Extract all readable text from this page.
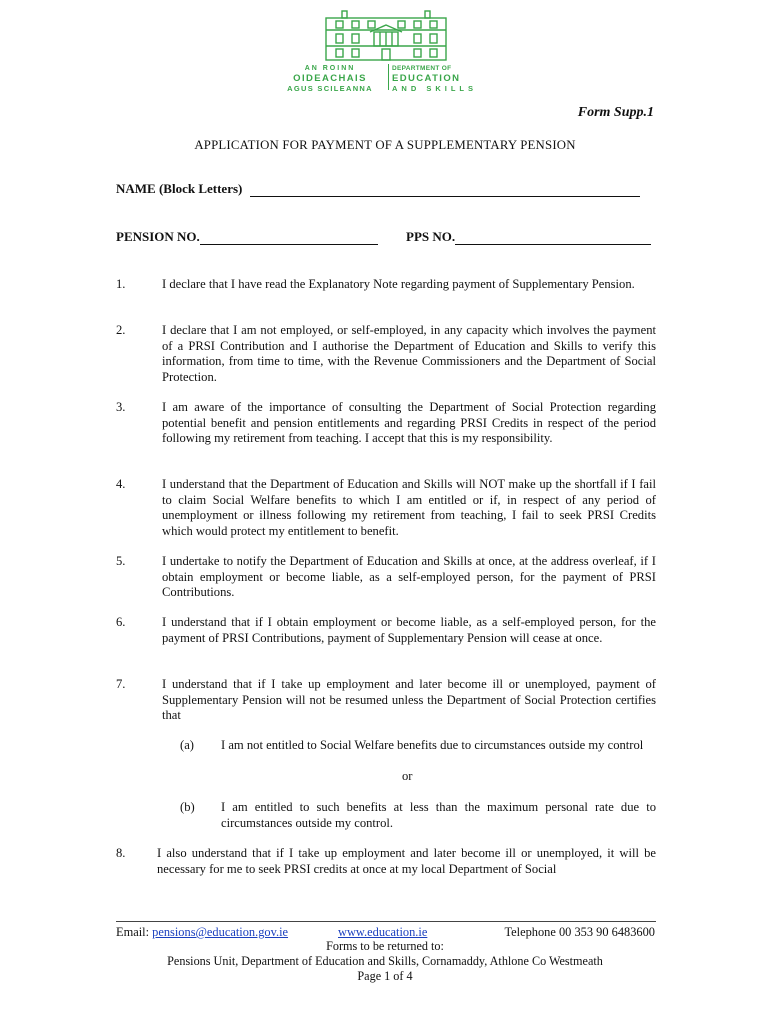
AN ROINN
OIDEACHAIS
AGUS SCILEANNA
DEPARTMENT OF
EDUCATION
AND SKILLS
Form Supp.1
APPLICATION FOR PAYMENT OF A SUPPLEMENTARY PENSION
NAME (Block Letters)
PENSION NO.	PPS NO.
1.	I declare that I have read the Explanatory Note regarding payment of Supplementary Pension.
2.	I declare that I am not employed, or self-employed, in any capacity which involves the payment of a PRSI Contribution and I authorise the Department of Education and Skills to verify this information, from time to time, with the Revenue Commissioners and the Department of Social Protection.
3.	I am aware of the importance of consulting the Department of Social Protection regarding potential benefit and pension entitlements and regarding PRSI Credits in respect of the period following my retirement from teaching. I accept that this is my responsibility.
4.	I understand that the Department of Education and Skills will NOT make up the shortfall if I fail to claim Social Welfare benefits to which I am entitled or if, in respect of any period of unemployment or illness following my retirement from teaching, I fail to seek PRSI Credits which would protect my entitlement to benefit.
5.	I undertake to notify the Department of Education and Skills at once, at the address overleaf, if I obtain employment or become liable, as a self-employed person, for the payment of PRSI Contributions.
6.	I understand that if I obtain employment or become liable, as a self-employed person, for the payment of PRSI Contributions, payment of Supplementary Pension will cease at once.
7.	I understand that if I take up employment and later become ill or unemployed, payment of Supplementary Pension will not be resumed unless the Department of Social Protection certifies that
(a) I am not entitled to Social Welfare benefits due to circumstances outside my control
or
(b) I am entitled to such benefits at less than the maximum personal rate due to circumstances outside my control.
8.	I also understand that if I take up employment and later become ill or unemployed, it will be necessary for me to seek PRSI credits at once at my local Department of Social
Email: pensions@education.gov.ie	www.education.ie	Telephone 00 353 90 6483600
Forms to be returned to:
Pensions Unit, Department of Education and Skills, Cornamaddy, Athlone Co Westmeath
Page 1 of 4
